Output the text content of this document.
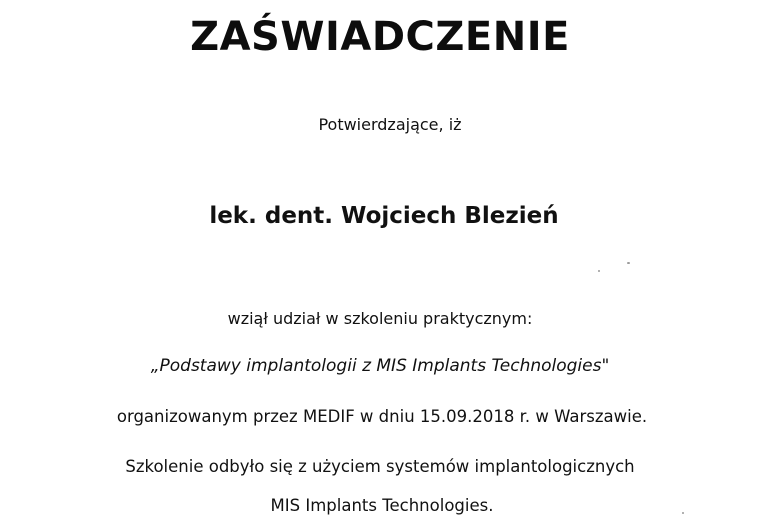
ZAŚWIADCZENIE
Potwierdzające, iż
lek. dent. Wojciech Blezień
wziął udział w szkoleniu praktycznym:
„Podstawy implantologii z MIS Implants Technologies"
organizowanym przez MEDIF w dniu 15.09.2018 r. w Warszawie.
Szkolenie odbyło się z użyciem systemów implantologicznych
MIS Implants Technologies.
